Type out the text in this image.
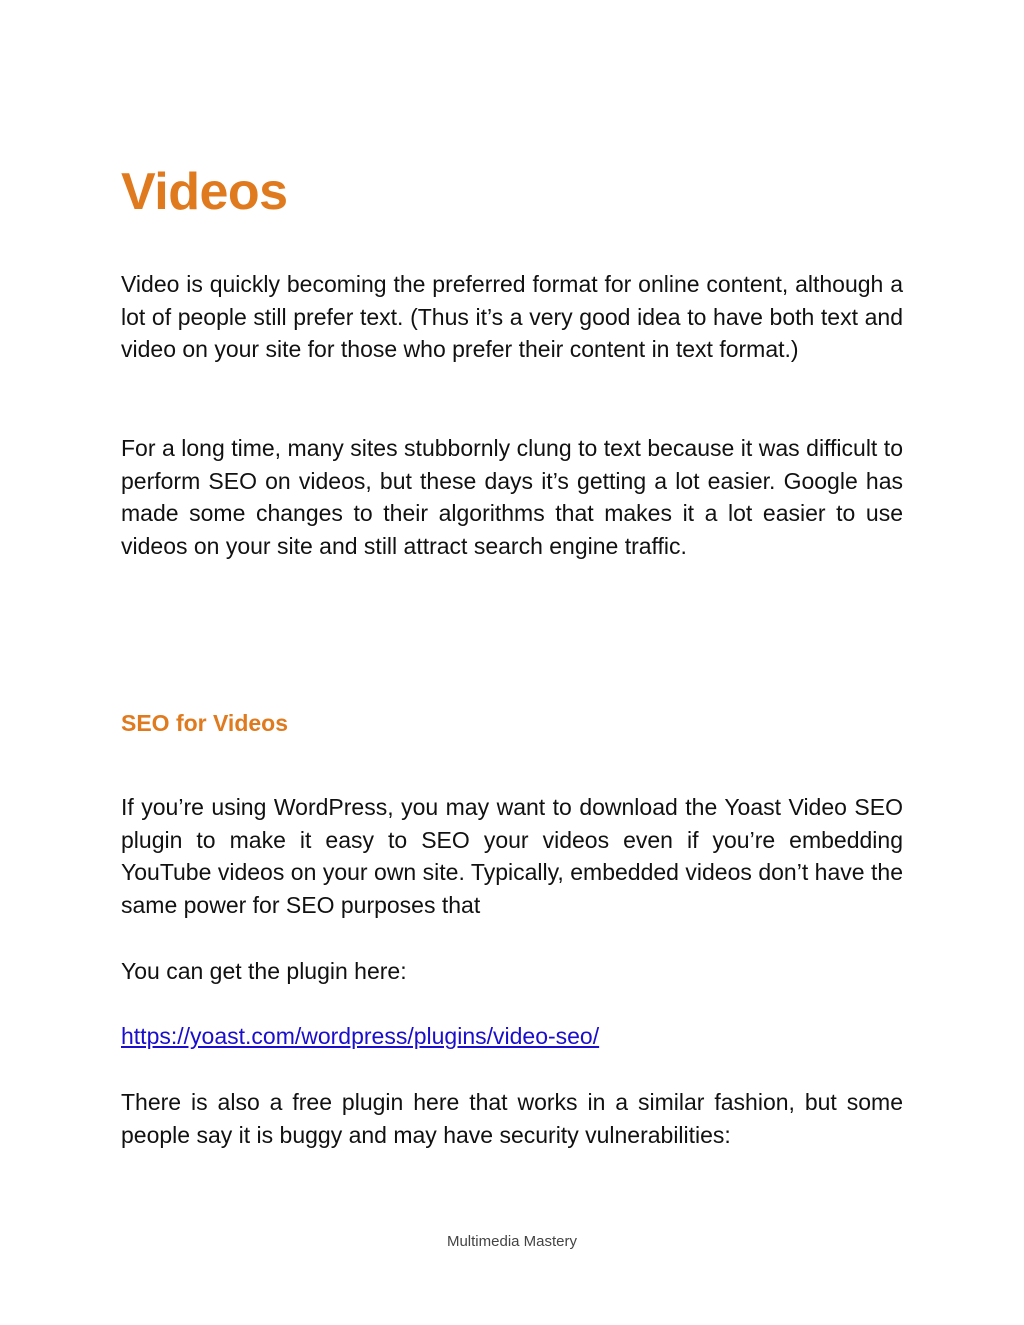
Videos

Video is quickly becoming the preferred format for online content, although a lot of people still prefer text. (Thus it’s a very good idea to have both text and video on your site for those who prefer their content in text format.)

For a long time, many sites stubbornly clung to text because it was difficult to perform SEO on videos, but these days it’s getting a lot easier. Google has made some changes to their algorithms that makes it a lot easier to use videos on your site and still attract search engine traffic.

SEO for Videos

If you’re using WordPress, you may want to download the Yoast Video SEO plugin to make it easy to SEO your videos even if you’re embedding YouTube videos on your own site. Typically, embedded videos don’t have the same power for SEO purposes that

You can get the plugin here:

https://yoast.com/wordpress/plugins/video-seo/

There is also a free plugin here that works in a similar fashion, but some people say it is buggy and may have security vulnerabilities:

Multimedia Mastery
